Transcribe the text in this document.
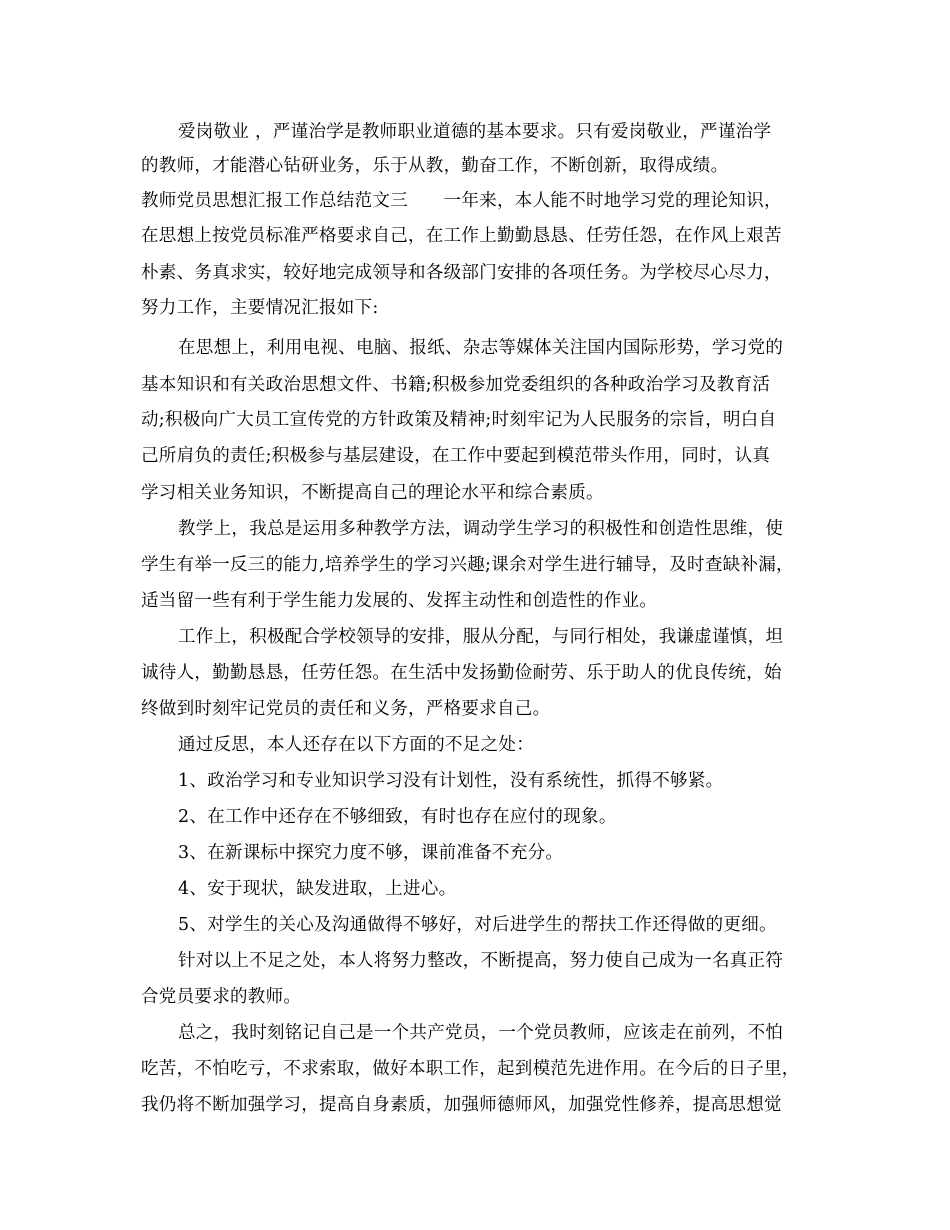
爱岗敬业 ，严谨治学是教师职业道德的基本要求。只有爱岗敬业，严谨治学
的教师，才能潜心钻研业务，乐于从教，勤奋工作，不断创新，取得成绩。
教师党员思想汇报工作总结范文三　　一年来，本人能不时地学习党的理论知识，
在思想上按党员标准严格要求自己，在工作上勤勤恳恳、任劳任怨，在作风上艰苦
朴素、务真求实，较好地完成领导和各级部门安排的各项任务。为学校尽心尽力，
努力工作，主要情况汇报如下:
在思想上，利用电视、电脑、报纸、杂志等媒体关注国内国际形势，学习党的
基本知识和有关政治思想文件、书籍;积极参加党委组织的各种政治学习及教育活
动;积极向广大员工宣传党的方针政策及精神;时刻牢记为人民服务的宗旨，明白自
己所肩负的责任;积极参与基层建设，在工作中要起到模范带头作用，同时，认真
学习相关业务知识，不断提高自己的理论水平和综合素质。
教学上，我总是运用多种教学方法，调动学生学习的积极性和创造性思维，使
学生有举一反三的能力,培养学生的学习兴趣;课余对学生进行辅导，及时查缺补漏，
适当留一些有利于学生能力发展的、发挥主动性和创造性的作业。
工作上，积极配合学校领导的安排，服从分配，与同行相处，我谦虚谨慎，坦
诚待人，勤勤恳恳，任劳任怨。在生活中发扬勤俭耐劳、乐于助人的优良传统，始
终做到时刻牢记党员的责任和义务，严格要求自己。
通过反思，本人还存在以下方面的不足之处：
1、政治学习和专业知识学习没有计划性，没有系统性，抓得不够紧。
2、在工作中还存在不够细致，有时也存在应付的现象。
3、在新课标中探究力度不够，课前准备不充分。
4、安于现状，缺发进取，上进心。
5、对学生的关心及沟通做得不够好，对后进学生的帮扶工作还得做的更细。
针对以上不足之处，本人将努力整改，不断提高，努力使自己成为一名真正符
合党员要求的教师。
总之，我时刻铭记自己是一个共产党员，一个党员教师，应该走在前列，不怕
吃苦，不怕吃亏，不求索取，做好本职工作，起到模范先进作用。在今后的日子里，
我仍将不断加强学习，提高自身素质，加强师德师风，加强党性修养，提高思想觉
